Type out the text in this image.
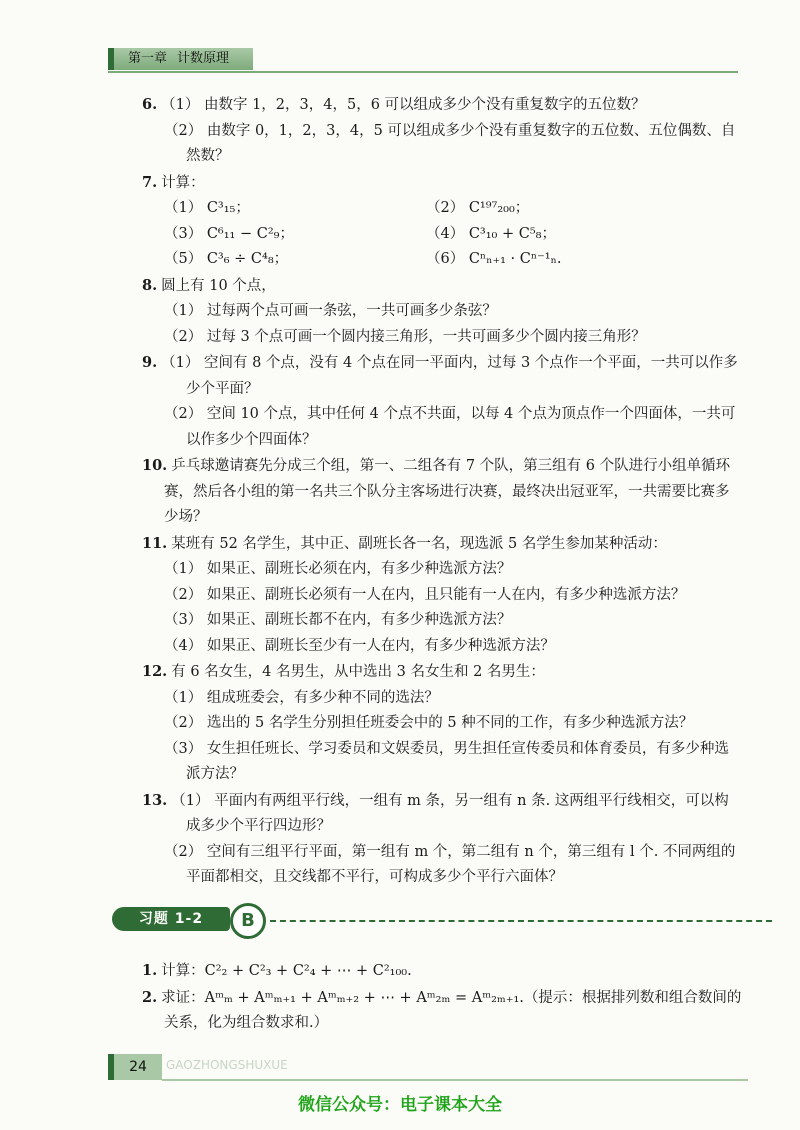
第一章 计数原理
6. （1） 由数字 1，2，3，4，5，6 可以组成多少个没有重复数字的五位数？
（2） 由数字 0，1，2，3，4，5 可以组成多少个没有重复数字的五位数、五位偶数、自然数？
7. 计算：
（1） C³₁₅；	（2） C¹⁹⁷₂₀₀；
（3） C⁶₁₁ − C²₉；	（4） C³₁₀ + C⁵₈；
（5） C³₆ ÷ C⁴₈；	（6） Cⁿₙ₊₁ · Cⁿ⁻¹ₙ.
8. 圆上有 10 个点，
（1） 过每两个点可画一条弦，一共可画多少条弦？
（2） 过每 3 个点可画一个圆内接三角形，一共可画多少个圆内接三角形？
9. （1） 空间有 8 个点，没有 4 个点在同一平面内，过每 3 个点作一个平面，一共可以作多少个平面？
（2） 空间 10 个点，其中任何 4 个点不共面，以每 4 个点为顶点作一个四面体，一共可以作多少个四面体？
10. 乒乓球邀请赛先分成三个组，第一、二组各有 7 个队，第三组有 6 个队进行小组单循环赛，然后各小组的第一名共三个队分主客场进行决赛，最终决出冠亚军，一共需要比赛多少场？
11. 某班有 52 名学生，其中正、副班长各一名，现选派 5 名学生参加某种活动：
（1） 如果正、副班长必须在内，有多少种选派方法？
（2） 如果正、副班长必须有一人在内，且只能有一人在内，有多少种选派方法？
（3） 如果正、副班长都不在内，有多少种选派方法？
（4） 如果正、副班长至少有一人在内，有多少种选派方法？
12. 有 6 名女生，4 名男生，从中选出 3 名女生和 2 名男生：
（1） 组成班委会，有多少种不同的选法？
（2） 选出的 5 名学生分别担任班委会中的 5 种不同的工作，有多少种选派方法？
（3） 女生担任班长、学习委员和文娱委员，男生担任宣传委员和体育委员，有多少种选派方法？
13. （1） 平面内有两组平行线，一组有 m 条，另一组有 n 条. 这两组平行线相交，可以构成多少个平行四边形？
（2） 空间有三组平行平面，第一组有 m 个，第二组有 n 个，第三组有 l 个. 不同两组的平面都相交，且交线都不平行，可构成多少个平行六面体？
习题 1-2	B
1. 计算：C²₂ + C²₃ + C²₄ + ⋯ + C²₁₀₀.
2. 求证：Aᵐₘ + Aᵐₘ₊₁ + Aᵐₘ₊₂ + ⋯ + Aᵐ₂ₘ = Aᵐ₂ₘ₊₁.（提示：根据排列数和组合数间的关系，化为组合数求和.）
24	GAOZHONGSHUXUE
微信公众号：电子课本大全
